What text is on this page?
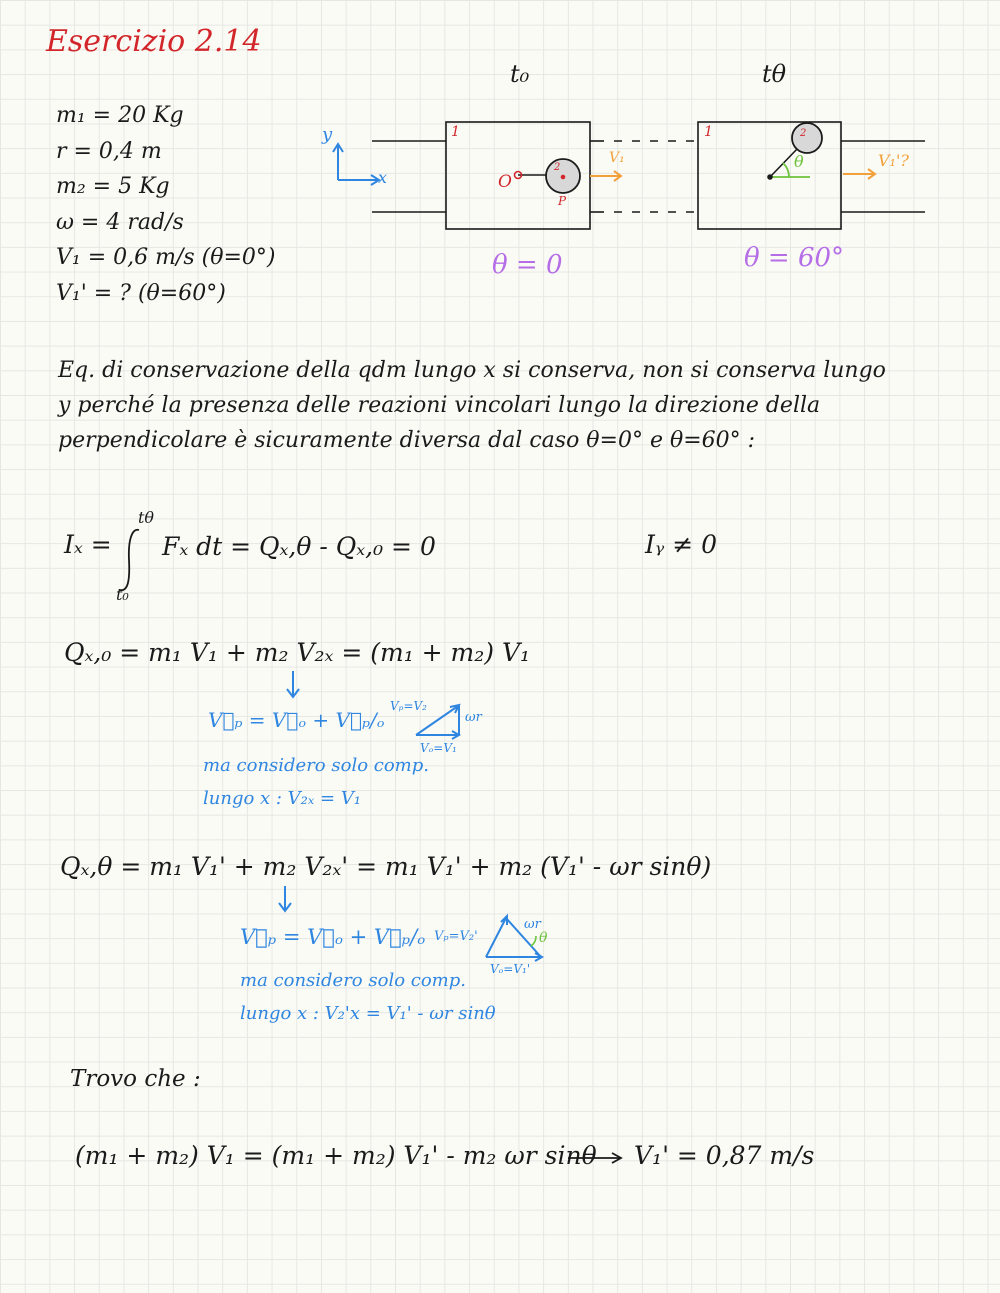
Esercizio 2.14
m₁ = 20 Kg
r = 0,4 m
m₂ = 5 Kg
ω = 4 rad/s
V₁ = 0,6 m/s (θ=0°)
V₁' = ? (θ=60°)
t₀	tθ
y
x
1	1
2
2
O
P
V₁	V₁'?
θ
θ = 0	θ = 60°
Eq. di conservazione della qdm lungo x si conserva, non si conserva lungo
y perché la presenza delle reazioni vincolari lungo la direzione della
perpendicolare è sicuramente diversa dal caso θ=0° e θ=60° :
Iₓ =
tθ
t₀
Fₓ dt = Qₓ,θ - Qₓ,₀ = 0	Iᵧ ≠ 0
Qₓ,₀ = m₁ V₁ + m₂ V₂ₓ = (m₁ + m₂) V₁
V⃗ₚ = V⃗ₒ + V⃗ₚ/ₒ
ma considero solo comp.
lungo x : V₂ₓ = V₁
Vₚ=V₂
Vₒ=V₁
ωr
Qₓ,θ = m₁ V₁' + m₂ V₂ₓ' = m₁ V₁' + m₂ (V₁' - ωr sinθ)
V⃗ₚ = V⃗ₒ + V⃗ₚ/ₒ
ma considero solo comp.
lungo x : V₂'x = V₁' - ωr sinθ
Vₚ=V₂'
Vₒ=V₁'
ωr
θ
Trovo che :
(m₁ + m₂) V₁ = (m₁ + m₂) V₁' - m₂ ωr sinθ V₁' = 0,87 m/s
